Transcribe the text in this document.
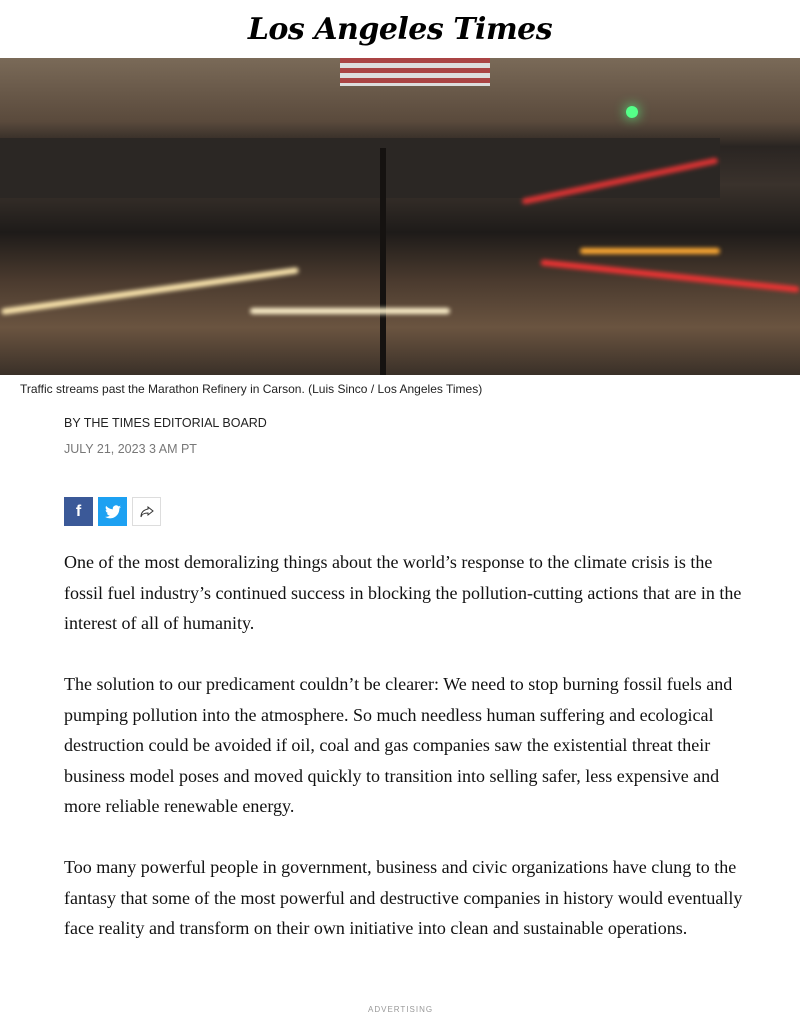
Los Angeles Times
Traffic streams past the Marathon Refinery in Carson. (Luis Sinco / Los Angeles Times)
BY THE TIMES EDITORIAL BOARD
JULY 21, 2023 3 AM PT
f

One of the most demoralizing things about the world’s response to the climate crisis is the fossil fuel industry’s continued success in blocking the pollution-cutting actions that are in the interest of all of humanity.

The solution to our predicament couldn’t be clearer: We need to stop burning fossil fuels and pumping pollution into the atmosphere. So much needless human suffering and ecological destruction could be avoided if oil, coal and gas companies saw the existential threat their business model poses and moved quickly to transition into selling safer, less expensive and more reliable renewable energy.

Too many powerful people in government, business and civic organizations have clung to the fantasy that some of the most powerful and destructive companies in history would eventually face reality and transform on their own initiative into clean and sustainable operations.

ADVERTISING
